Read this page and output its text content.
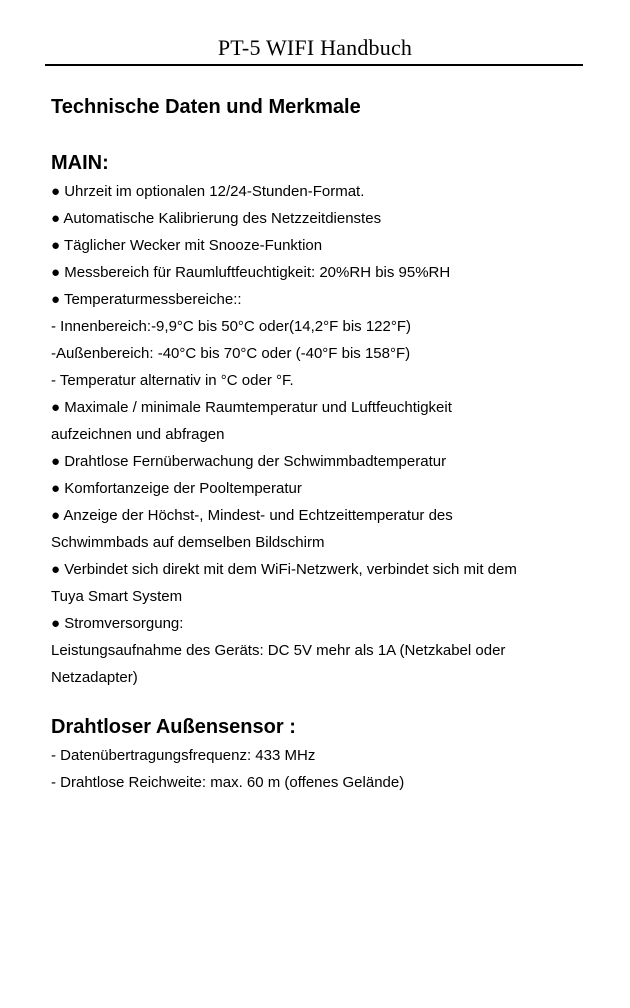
PT-5 WIFI Handbuch
Technische Daten und Merkmale
MAIN:

● Uhrzeit im optionalen 12/24-Stunden-Format.

● Automatische Kalibrierung des Netzzeitdienstes

● Täglicher Wecker mit Snooze-Funktion

● Messbereich für Raumluftfeuchtigkeit: 20%RH bis 95%RH

● Temperaturmessbereiche::

- Innenbereich:-9,9°C bis 50°C oder(14,2°F bis 122°F)

-Außenbereich: -40°C bis 70°C oder (-40°F bis 158°F)

- Temperatur alternativ in °C oder °F.

● Maximale / minimale Raumtemperatur und Luftfeuchtigkeit

aufzeichnen und abfragen

● Drahtlose Fernüberwachung der Schwimmbadtemperatur

● Komfortanzeige der Pooltemperatur

● Anzeige der Höchst-, Mindest- und Echtzeittemperatur des

Schwimmbads auf demselben Bildschirm

● Verbindet sich direkt mit dem WiFi-Netzwerk, verbindet sich mit dem

Tuya Smart System

● Stromversorgung:

Leistungsaufnahme des Geräts: DC 5V mehr als 1A (Netzkabel oder

Netzadapter)

Drahtloser Außensensor :

- Datenübertragungsfrequenz: 433 MHz

- Drahtlose Reichweite: max. 60 m (offenes Gelände)
